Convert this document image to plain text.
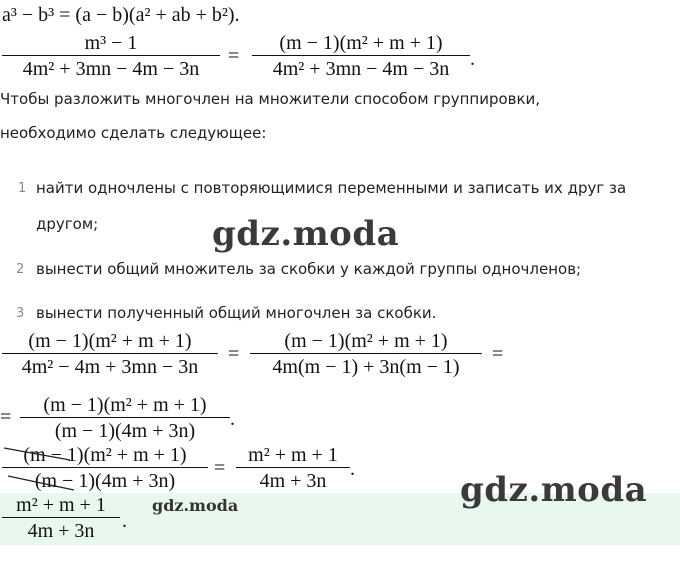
a³ − b³ = (a − b)(a² + ab + b²).
m³ − 1
4m² + 3mn − 4m − 3n
=
(m − 1)(m² + m + 1)
4m² + 3mn − 4m − 3n	.
Чтобы разложить многочлен на множители способом группировки,
необходимо сделать следующее:
1 найти одночлены с повторяющимися переменными и записать их друг за
другом;
2 вынести общий множитель за скобки у каждой группы одночленов;
3 вынести полученный общий многочлен за скобки.
gdz.moda
(m − 1)(m² + m + 1)
4m² − 4m + 3mn − 3n
=
(m − 1)(m² + m + 1)
4m(m − 1) + 3n(m − 1)
=
=
(m − 1)(m² + m + 1)
(m − 1)(4m + 3n)
.
(m − 1)(m² + m + 1)
(m − 1)(4m + 3n)
=
m² + m + 1
4m + 3n
.
gdz.moda
m² + m + 1
4m + 3n	.
gdz.moda
